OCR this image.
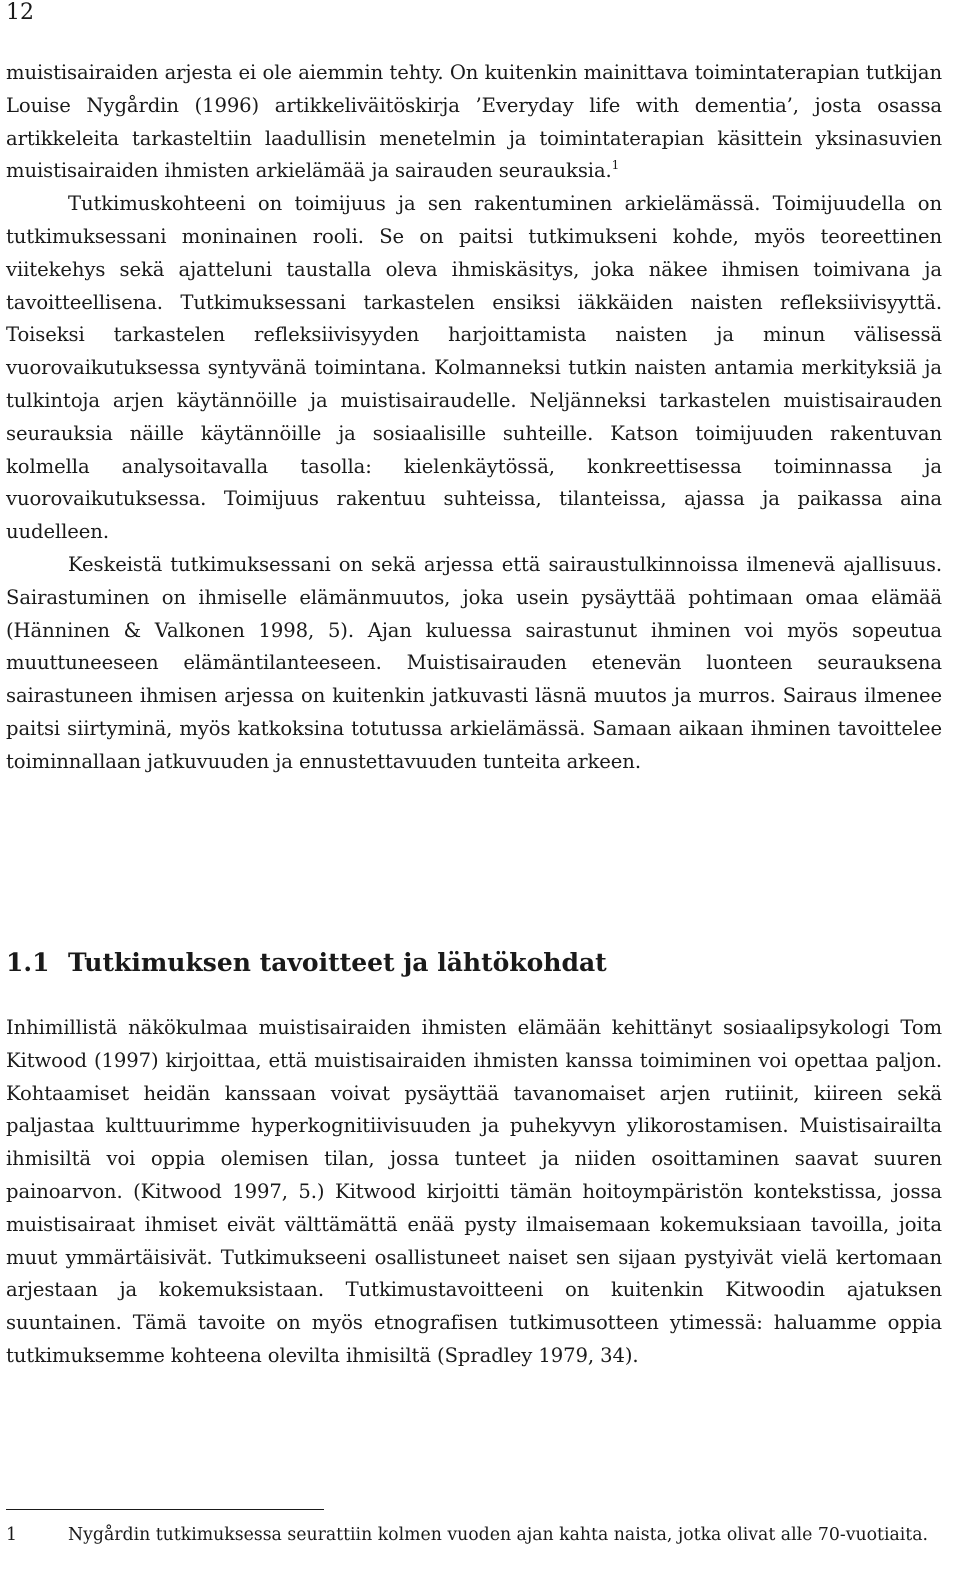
12

muistisairaiden arjesta ei ole aiemmin tehty. On kuitenkin mainittava toimintaterapian tutkijan Louise Nygårdin (1996) artikkeliväitöskirja ’Everyday life with dementia’, josta osassa artikkeleita tarkasteltiin laadullisin menetelmin ja toimintaterapian käsittein yksinasuvien muistisairaiden ihmisten arkielämää ja sairauden seurauksia.$^1$

Tutkimuskohteeni on toimijuus ja sen rakentuminen arkielämässä. Toimijuudella on tutkimuksessani moninainen rooli. Se on paitsi tutkimukseni kohde, myös teoreettinen viitekehys sekä ajatteluni taustalla oleva ihmiskäsitys, joka näkee ihmisen toimivana ja tavoitteellisena. Tutkimuksessani tarkastelen ensiksi iäkkäiden naisten refleksiivisyyttä. Toiseksi tarkastelen refleksiivisyyden harjoittamista naisten ja minun välisessä vuorovaikutuksessa syntyvänä toimintana. Kolmanneksi tutkin naisten antamia merkityksiä ja tulkintoja arjen käytännöille ja muistisairaudelle. Neljänneksi tarkastelen muistisairauden seurauksia näille käytännöille ja sosiaalisille suhteille. Katson toimijuuden rakentuvan kolmella analysoitavalla tasolla: kielenkäytössä, konkreettisessa toiminnassa ja vuorovaikutuksessa. Toimijuus rakentuu suhteissa, tilanteissa, ajassa ja paikassa aina uudelleen.

Keskeistä tutkimuksessani on sekä arjessa että sairaustulkinnoissa ilmenevä ajallisuus. Sairastuminen on ihmiselle elämänmuutos, joka usein pysäyttää pohtimaan omaa elämää (Hänninen & Valkonen 1998, 5). Ajan kuluessa sairastunut ihminen voi myös sopeutua muuttuneeseen elämäntilanteeseen. Muistisairauden etenevän luonteen seurauksena sairastuneen ihmisen arjessa on kuitenkin jatkuvasti läsnä muutos ja murros. Sairaus ilmenee paitsi siirtyminä, myös katkoksina totutussa arkielämässä. Samaan aikaan ihminen tavoittelee toiminnallaan jatkuvuuden ja ennustettavuuden tunteita arkeen.

1.1 Tutkimuksen tavoitteet ja lähtökohdat

Inhimillistä näkökulmaa muistisairaiden ihmisten elämään kehittänyt sosiaalipsykologi Tom Kitwood (1997) kirjoittaa, että muistisairaiden ihmisten kanssa toimiminen voi opettaa paljon. Kohtaamiset heidän kanssaan voivat pysäyttää tavanomaiset arjen rutiinit, kiireen sekä paljastaa kulttuurimme hyperkognitiivisuuden ja puhekyvyn ylikorostamisen. Muistisairailta ihmisiltä voi oppia olemisen tilan, jossa tunteet ja niiden osoittaminen saavat suuren painoarvon. (Kitwood 1997, 5.) Kitwood kirjoitti tämän hoitoympäristön kontekstissa, jossa muistisairaat ihmiset eivät välttämättä enää pysty ilmaisemaan kokemuksiaan tavoilla, joita muut ymmärtäisivät. Tutkimukseeni osallistuneet naiset sen sijaan pystyivät vielä kertomaan arjestaan ja kokemuksistaan. Tutkimustavoitteeni on kuitenkin Kitwoodin ajatuksen suuntainen. Tämä tavoite on myös etnografisen tutkimusotteen ytimessä: haluamme oppia tutkimuksemme kohteena olevilta ihmisiltä (Spradley 1979, 34).

1	Nygårdin tutkimuksessa seurattiin kolmen vuoden ajan kahta naista, jotka olivat alle 70-vuotiaita.
